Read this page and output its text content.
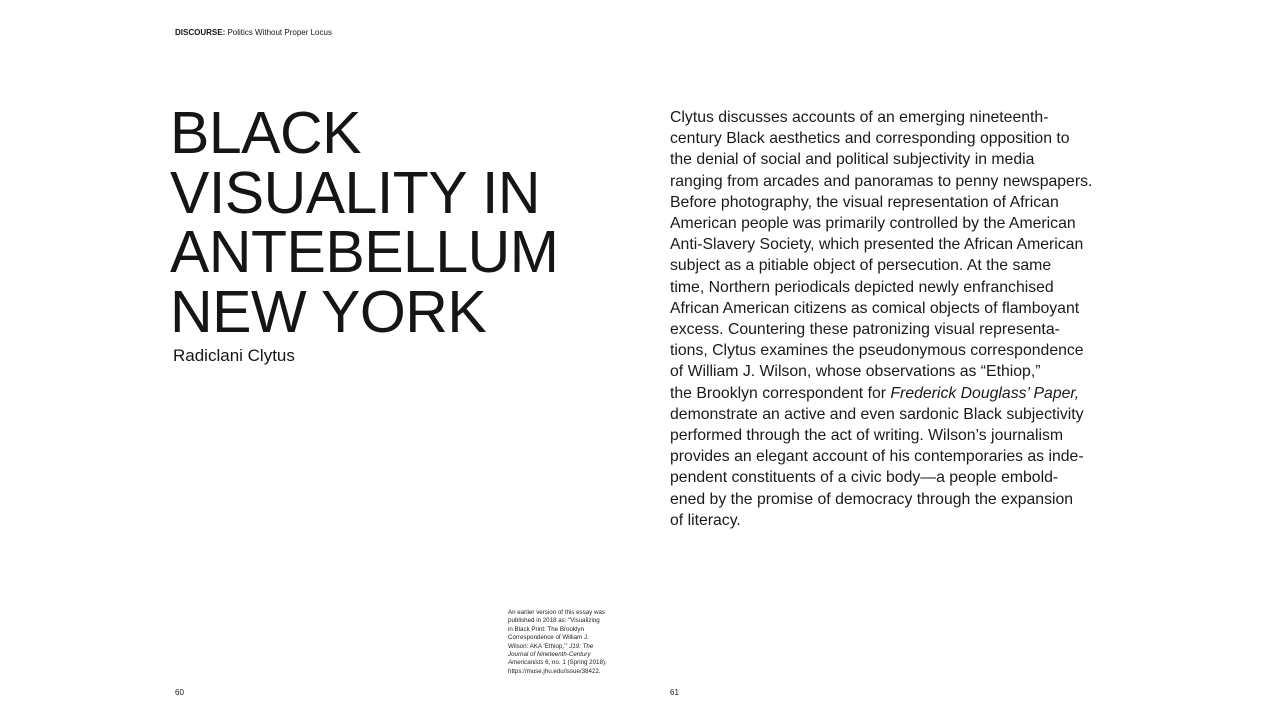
DISCOURSE: Politics Without Proper Locus
BLACK
VISUALITY IN
ANTEBELLUM
NEW YORK
Radiclani Clytus
Clytus discusses accounts of an emerging nineteenth-
century Black aesthetics and corresponding opposition to
the denial of social and political subjectivity in media
ranging from arcades and panoramas to penny newspapers.
Before photography, the visual representation of African
American people was primarily controlled by the American
Anti-Slavery Society, which presented the African American
subject as a pitiable object of persecution. At the same
time, Northern periodicals depicted newly enfranchised
African American citizens as comical objects of flamboyant
excess. Countering these patronizing visual representa-
tions, Clytus examines the pseudonymous correspondence
of William J. Wilson, whose observations as “Ethiop,”
the Brooklyn correspondent for Frederick Douglass’ Paper,
demonstrate an active and even sardonic Black subjectivity
performed through the act of writing. Wilson’s journalism
provides an elegant account of his contemporaries as inde-
pendent constituents of a civic body—a people embold-
ened by the promise of democracy through the expansion
of literacy.
An earlier version of this essay was
published in 2018 as: “Visualizing
in Black Print: The Brooklyn
Correspondence of William J.
Wilson: AKA ‘Ethiop,’” J19: The
Journal of Nineteenth-Century
Americanists 6, no. 1 (Spring 2018),
https://muse.jhu.edu/issue/38422.
60	61
